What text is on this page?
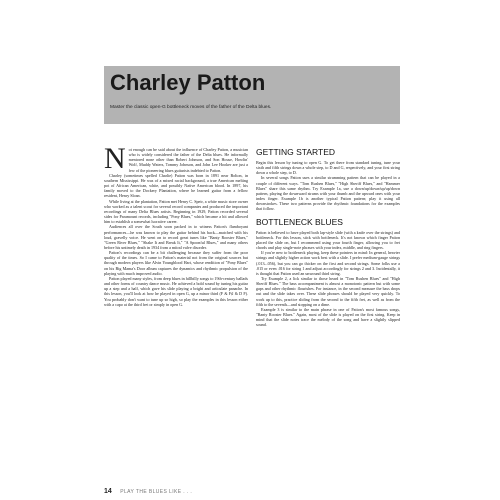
Charley Patton
Master the classic open-G bottleneck moves of the father of the Delta blues.

Not enough can be said about the influence of Charley Patton, a musician who is widely considered the father of the Delta blues. He informally mentored none other than Robert Johnson, and Son House, Howlin' Wolf, Muddy Waters, Tommy Johnson, and John Lee Hooker are just a few of the pioneering blues guitarists indebted to Patton.

Charley (sometimes spelled Charlie) Patton was born in 1891 near Bolton, in southern Mississippi. He was of a mixed racial background, a true American melting pot of African American, white, and possibly Native American blood. In 1897, his family moved to the Dockery Plantation, where he learned guitar from a fellow resident, Henry Sloan.

While living at the plantation, Patton met Henry C. Speir, a white music store owner who worked as a talent scout for several record companies and produced the important recordings of many Delta Blues artists. Beginning in 1929, Patton recorded several sides for Paramount records, including "Pony Blues," which became a hit and allowed him to establish a somewhat lucrative career.

Audiences all over the South soon packed in to witness Patton's flamboyant performances—he was known to play the guitar behind his back—matched with his loud, gravelly voice. He went on to record great tunes like "Banty Rooster Blues," "Green River Blues," "Shake It and Break It," "A Spoonful Blues," and many others before his untimely death in 1934 from a mitral valve disorder.

Patton's recordings can be a bit challenging because they suffer from the poor quality of the times. So I came to Patton's material not from the original sources but through modern players like Alvin Youngblood Hart, whose rendition of "Pony Blues" on his Big Mama's Door album captures the dynamics and rhythmic propulsion of the playing with much improved audio.

Patton played many styles, from deep blues in hillbilly songs to 19th-century ballads and other forms of country dance music. He achieved a bold sound by tuning his guitar up a step and a half, which gave his slide playing a bright and articulate panache. In this lesson, you'll look at how he played in open G, up a minor third (F & F♯ & D F). You probably don't want to tune up so high, so play the examples in this lesson either with a capo at the third fret or simply in open G.

GETTING STARTED

Begin this lesson by tuning to open G. To get there from standard tuning, tune your sixth and fifth strings down a whole step, to D and G, respectively, and your first string down a whole step, to D.

In several songs Patton uses a similar strumming pattern that can be played in a couple of different ways. "Tom Rushen Blues," "High Sheriff Blues," and "Hammer Blues" share this same rhythm. Try Example 1a, use a down/up/down/up/up/down pattern, playing the downward strums with your thumb and the upward ones with your index finger. Example 1b is another typical Patton pattern; play it using all downstrokes. These two patterns provide the rhythmic foundations for the examples that follow.

BOTTLENECK BLUES

Patton is believed to have played both lap-style slide (with a knife over the strings) and bottleneck. For this lesson, stick with bottleneck. It's not known which finger Patton placed the slide on, but I recommend using your fourth finger, allowing you to fret chords and play single-note phrases with your index, middle, and ring fingers.

If you're new to bottleneck playing, keep these pointers in mind: In general, heavier strings and slightly higher action work best with a slide. I prefer medium-gauge strings (.013–.056), but you can go thicker on the first and second strings. Some folks use a .015 or even .016 for string 1 and adjust accordingly for strings 2 and 3. Incidentally, it is thought that Patton used an unwound third string.

Try Example 2, a lick similar to those heard in "Tom Rushen Blues" and "High Sheriff Blues." The bass accompaniment is almost a monotonic pattern but with some gaps and other rhythmic flourishes. For instance, in the second measure the bass drops out and the slide takes over. These slide phrases should be played very quickly. To work up to this, practice sliding from the second to the fifth fret, as well as from the fifth to the seventh—and stopping on a dime.

Example 3 is similar to the main phrase in one of Patton's most famous songs, "Banty Rooster Blues." Again, most of the slide is played on the first string. Keep in mind that the slide notes trace the melody of the song and have a slightly slipped sound.

14 PLAY THE BLUES LIKE . . .
